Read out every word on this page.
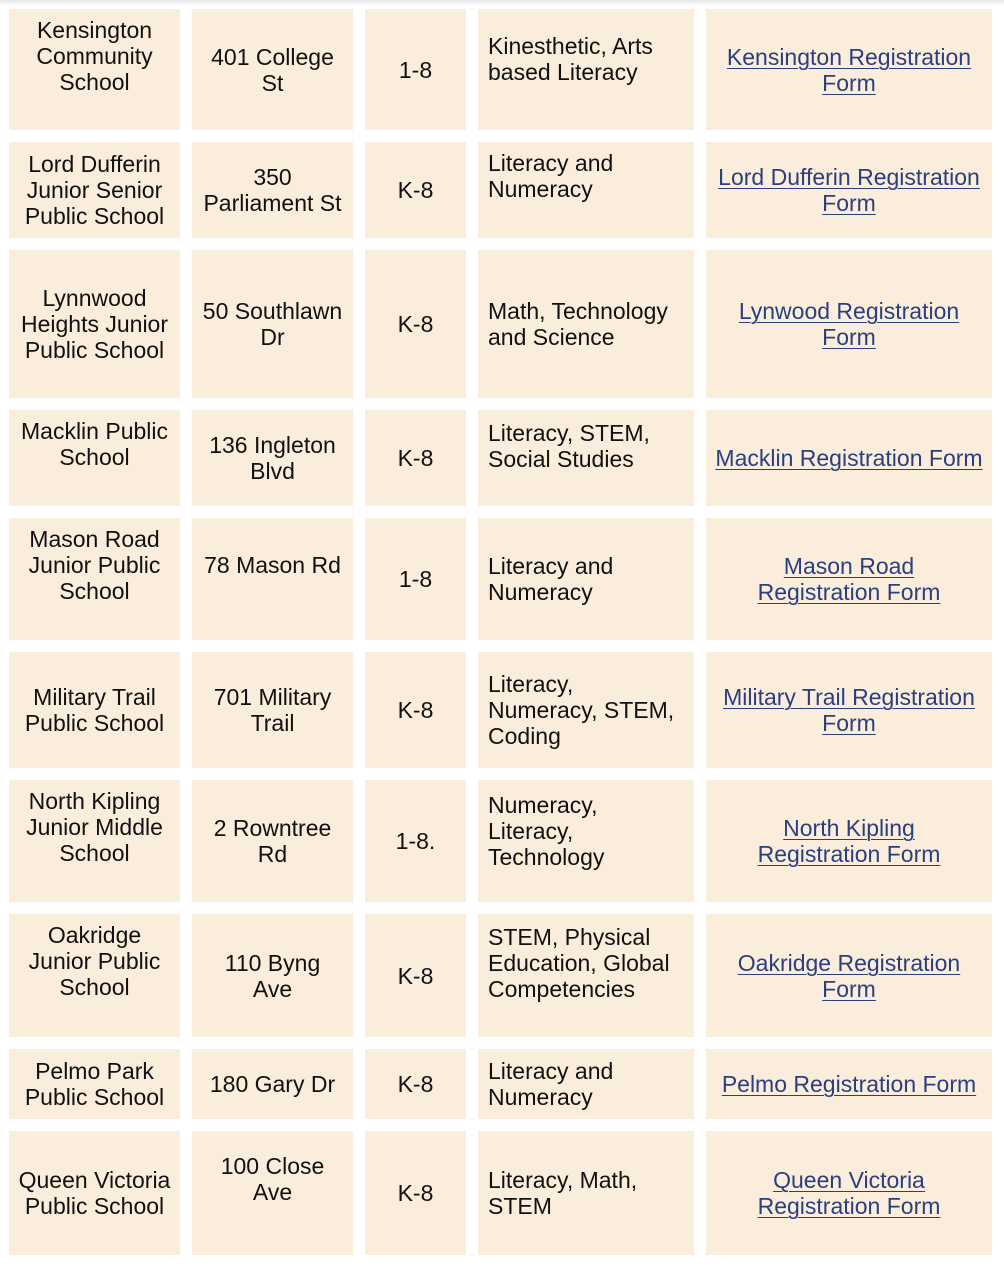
Kensington Community School	401 College St	1-8	Kinesthetic, Arts based Literacy	Kensington Registration Form
Lord Dufferin Junior Senior Public School	350 Parliament St	K-8	Literacy and Numeracy	Lord Dufferin Registration Form
Lynnwood Heights Junior Public School	50 Southlawn Dr	K-8	Math, Technology and Science	Lynwood Registration Form
Macklin Public School	136 Ingleton Blvd	K-8	Literacy, STEM, Social Studies	Macklin Registration Form
Mason Road Junior Public School	78 Mason Rd	1-8	Literacy and Numeracy	Mason Road Registration Form
Military Trail Public School	701 Military Trail	K-8	Literacy, Numeracy, STEM, Coding	Military Trail Registration Form
North Kipling Junior Middle School	2 Rowntree Rd	1-8.	Numeracy, Literacy, Technology	North Kipling Registration Form
Oakridge Junior Public School	110 Byng Ave	K-8	STEM, Physical Education, Global Competencies	Oakridge Registration Form
Pelmo Park Public School	180 Gary Dr	K-8	Literacy and Numeracy	Pelmo Registration Form
Queen Victoria Public School	100 Close Ave	K-8	Literacy, Math, STEM	Queen Victoria Registration Form
